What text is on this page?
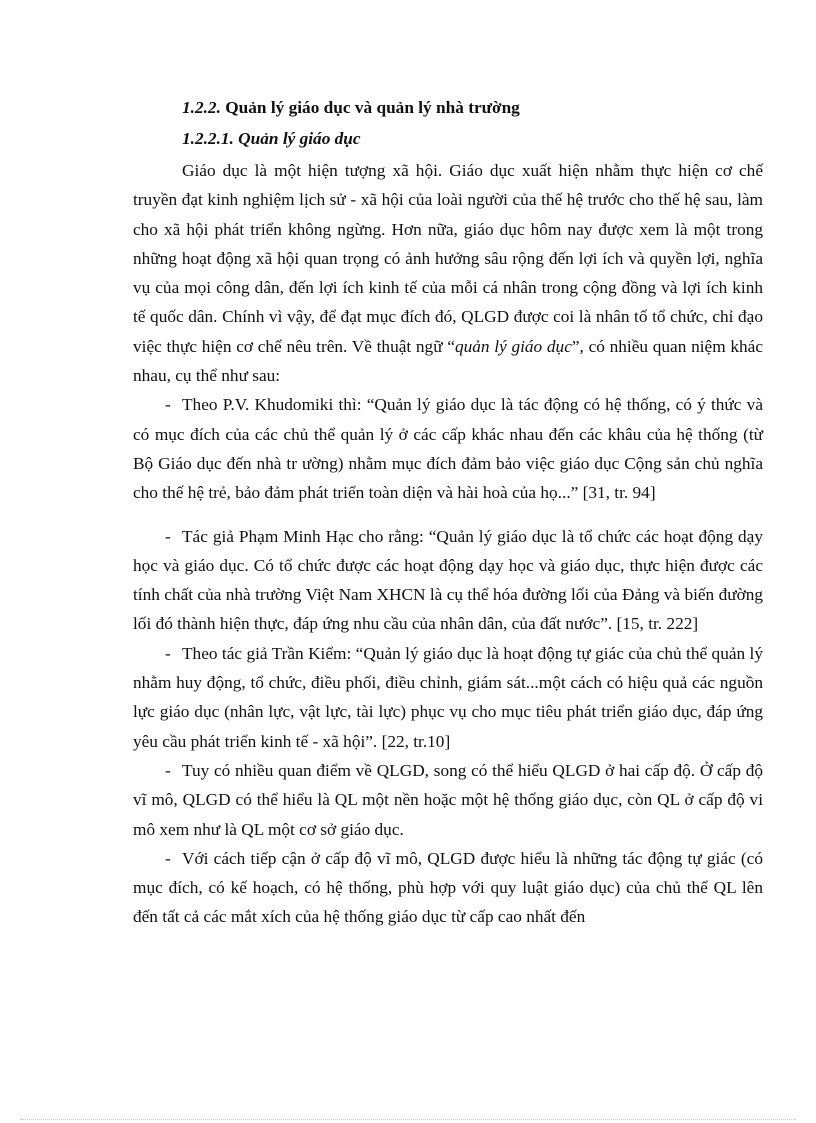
1.2.2. Quản lý giáo dục và quản lý nhà trường
1.2.2.1. Quản lý giáo dục

Giáo dục là một hiện tượng xã hội. Giáo dục xuất hiện nhằm thực hiện cơ chế truyền đạt kinh nghiệm lịch sử - xã hội của loài người của thế hệ trước cho thế hệ sau, làm cho xã hội phát triển không ngừng. Hơn nữa, giáo dục hôm nay được xem là một trong những hoạt động xã hội quan trọng có ảnh hưởng sâu rộng đến lợi ích và quyền lợi, nghĩa vụ của mọi công dân, đến lợi ích kinh tế của mỗi cá nhân trong cộng đồng và lợi ích kinh tế quốc dân. Chính vì vậy, để đạt mục đích đó, QLGD được coi là nhân tố tổ chức, chỉ đạo việc thực hiện cơ chế nêu trên. Về thuật ngữ “quản lý giáo dục”, có nhiều quan niệm khác nhau, cụ thể như sau:

- Theo P.V. Khudomiki thì: “Quản lý giáo dục là tác động có hệ thống, có ý thức và có mục đích của các chủ thể quản lý ở các cấp khác nhau đến các khâu của hệ thống (từ Bộ Giáo dục đến nhà tr ường) nhằm mục đích đảm bảo việc giáo dục Cộng sản chủ nghĩa cho thế hệ trẻ, bảo đảm phát triển toàn diện và hài hoà của họ...” [31, tr. 94]

- Tác giả Phạm Minh Hạc cho rằng: “Quản lý giáo dục là tổ chức các hoạt động dạy học và giáo dục. Có tổ chức được các hoạt động dạy học và giáo dục, thực hiện được các tính chất của nhà trường Việt Nam XHCN là cụ thể hóa đường lối của Đảng và biến đường lối đó thành hiện thực, đáp ứng nhu cầu của nhân dân, của đất nước”. [15, tr. 222]

- Theo tác giả Trần Kiểm: “Quản lý giáo dục là hoạt động tự giác của chủ thể quản lý nhằm huy động, tổ chức, điều phối, điều chỉnh, giám sát...một cách có hiệu quả các nguồn lực giáo dục (nhân lực, vật lực, tài lực) phục vụ cho mục tiêu phát triển giáo dục, đáp ứng yêu cầu phát triển kinh tế - xã hội”. [22, tr.10]

- Tuy có nhiều quan điểm về QLGD, song có thể hiểu QLGD ở hai cấp độ. Ở cấp độ vĩ mô, QLGD có thể hiểu là QL một nền hoặc một hệ thống giáo dục, còn QL ở cấp độ vi mô xem như là QL một cơ sở giáo dục.

- Với cách tiếp cận ở cấp độ vĩ mô, QLGD được hiểu là những tác động tự giác (có mục đích, có kế hoạch, có hệ thống, phù hợp với quy luật giáo dục) của chủ thể QL lên đến tất cả các mắt xích của hệ thống giáo dục từ cấp cao nhất đến
